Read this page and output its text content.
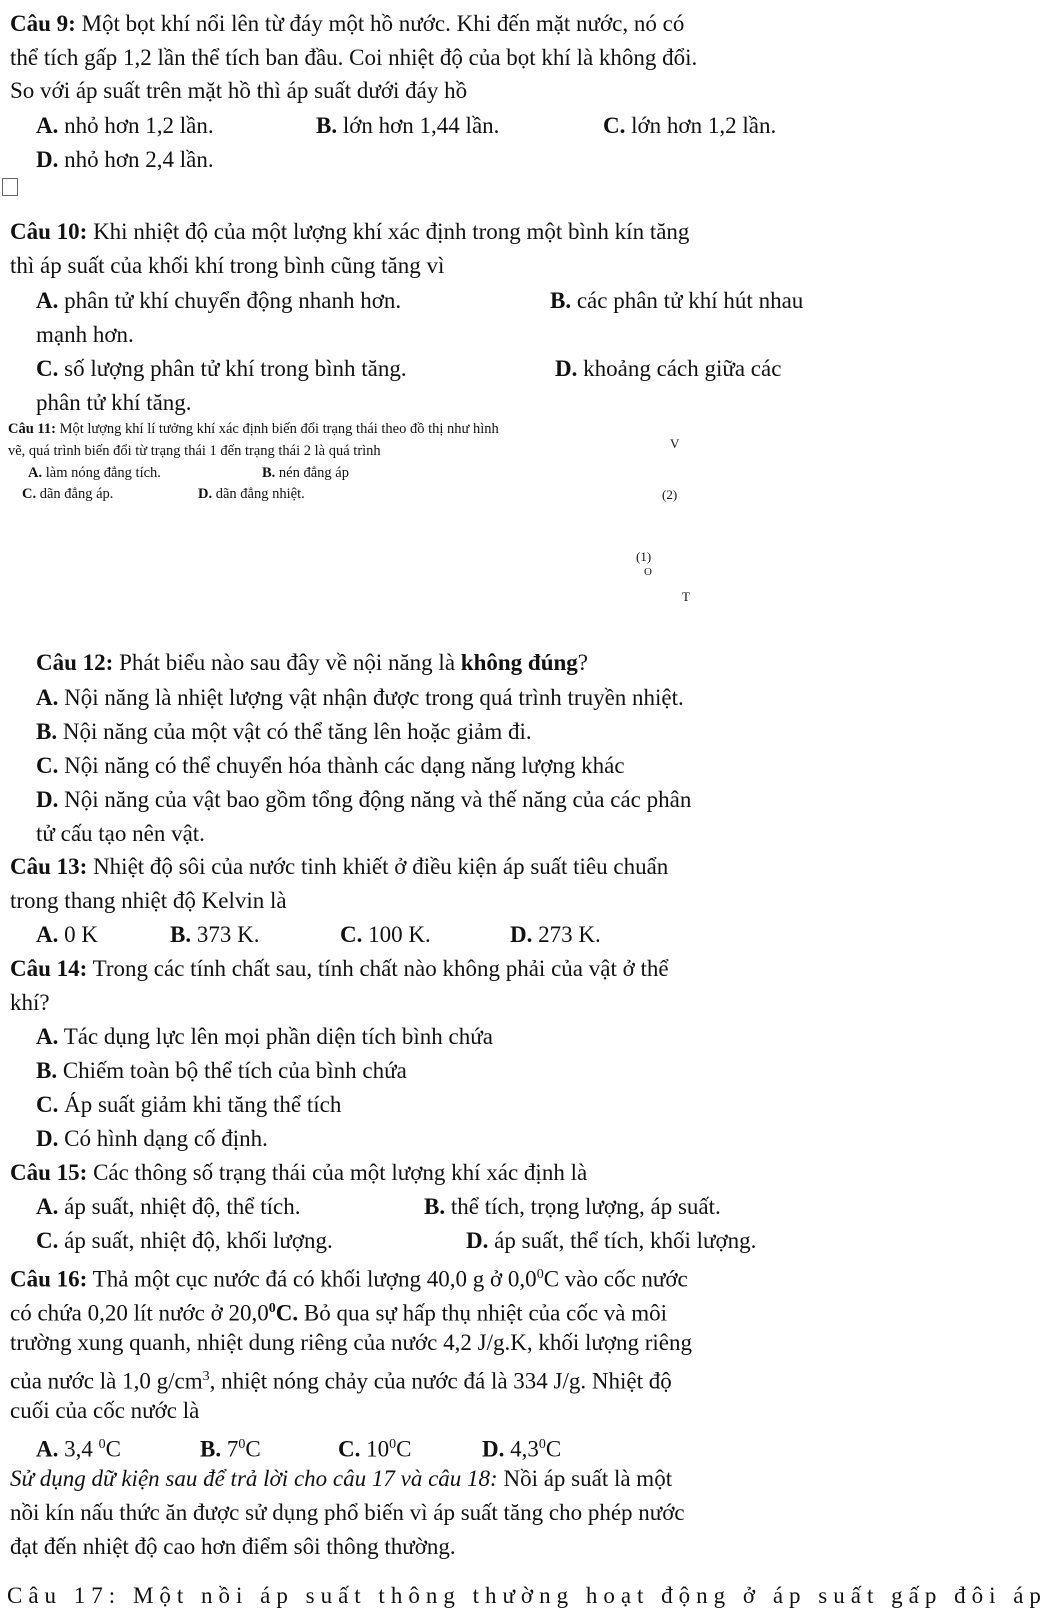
Câu 9: Một bọt khí nổi lên từ đáy một hồ nước. Khi đến mặt nước, nó có
thể tích gấp 1,2 lần thể tích ban đầu. Coi nhiệt độ của bọt khí là không đổi.
So với áp suất trên mặt hồ thì áp suất dưới đáy hồ
A. nhỏ hơn 1,2 lần.	B. lớn hơn 1,44 lần.	C. lớn hơn 1,2 lần.
D. nhỏ hơn 2,4 lần.
Câu 10: Khi nhiệt độ của một lượng khí xác định trong một bình kín tăng
thì áp suất của khối khí trong bình cũng tăng vì
A. phân tử khí chuyển động nhanh hơn.	B. các phân tử khí hút nhau
mạnh hơn.
C. số lượng phân tử khí trong bình tăng.	D. khoảng cách giữa các
phân tử khí tăng.
Câu 11: Một lượng khí lí tưởng khí xác định biến đổi trạng thái theo đồ thị như hình
vẽ, quá trình biến đổi từ trạng thái 1 đến trạng thái 2 là quá trình
A. làm nóng đẳng tích.	B. nén đẳng áp
C. dãn đẳng áp.	D. dãn đẳng nhiệt.
V
(2)
(1)
O
T
Câu 12: Phát biểu nào sau đây về nội năng là không đúng?
A. Nội năng là nhiệt lượng vật nhận được trong quá trình truyền nhiệt.
B. Nội năng của một vật có thể tăng lên hoặc giảm đi.
C. Nội năng có thể chuyển hóa thành các dạng năng lượng khác
D. Nội năng của vật bao gồm tổng động năng và thế năng của các phân
tử cấu tạo nên vật.
Câu 13: Nhiệt độ sôi của nước tinh khiết ở điều kiện áp suất tiêu chuẩn
trong thang nhiệt độ Kelvin là
A. 0 K	B. 373 K.	C. 100 K.	D. 273 K.
Câu 14: Trong các tính chất sau, tính chất nào không phải của vật ở thể
khí?
A. Tác dụng lực lên mọi phần diện tích bình chứa
B. Chiếm toàn bộ thể tích của bình chứa
C. Áp suất giảm khi tăng thể tích
D. Có hình dạng cố định.
Câu 15: Các thông số trạng thái của một lượng khí xác định là
A. áp suất, nhiệt độ, thể tích.	B. thể tích, trọng lượng, áp suất.
C. áp suất, nhiệt độ, khối lượng.	D. áp suất, thể tích, khối lượng.
Câu 16: Thả một cục nước đá có khối lượng 40,0 g ở $0,0^0C$ vào cốc nước
có chứa 0,20 lít nước ở 20,0$^0$C. Bỏ qua sự hấp thụ nhiệt của cốc và môi
trường xung quanh, nhiệt dung riêng của nước 4,2 J/g.K, khối lượng riêng
của nước là 1,0 $g/cm^3$, nhiệt nóng chảy của nước đá là 334 J/g. Nhiệt độ
cuối của cốc nước là
A. 3,4 $^0$C	B. $7^0C$	C. $10^0C$	D. $4,3^0C$
Sử dụng dữ kiện sau để trả lời cho câu 17 và câu 18: Nồi áp suất là một
nồi kín nấu thức ăn được sử dụng phổ biến vì áp suất tăng cho phép nước
đạt đến nhiệt độ cao hơn điểm sôi thông thường.
Câu 17: Một nồi áp suất thông thường hoạt động ở áp suất gấp đôi áp
